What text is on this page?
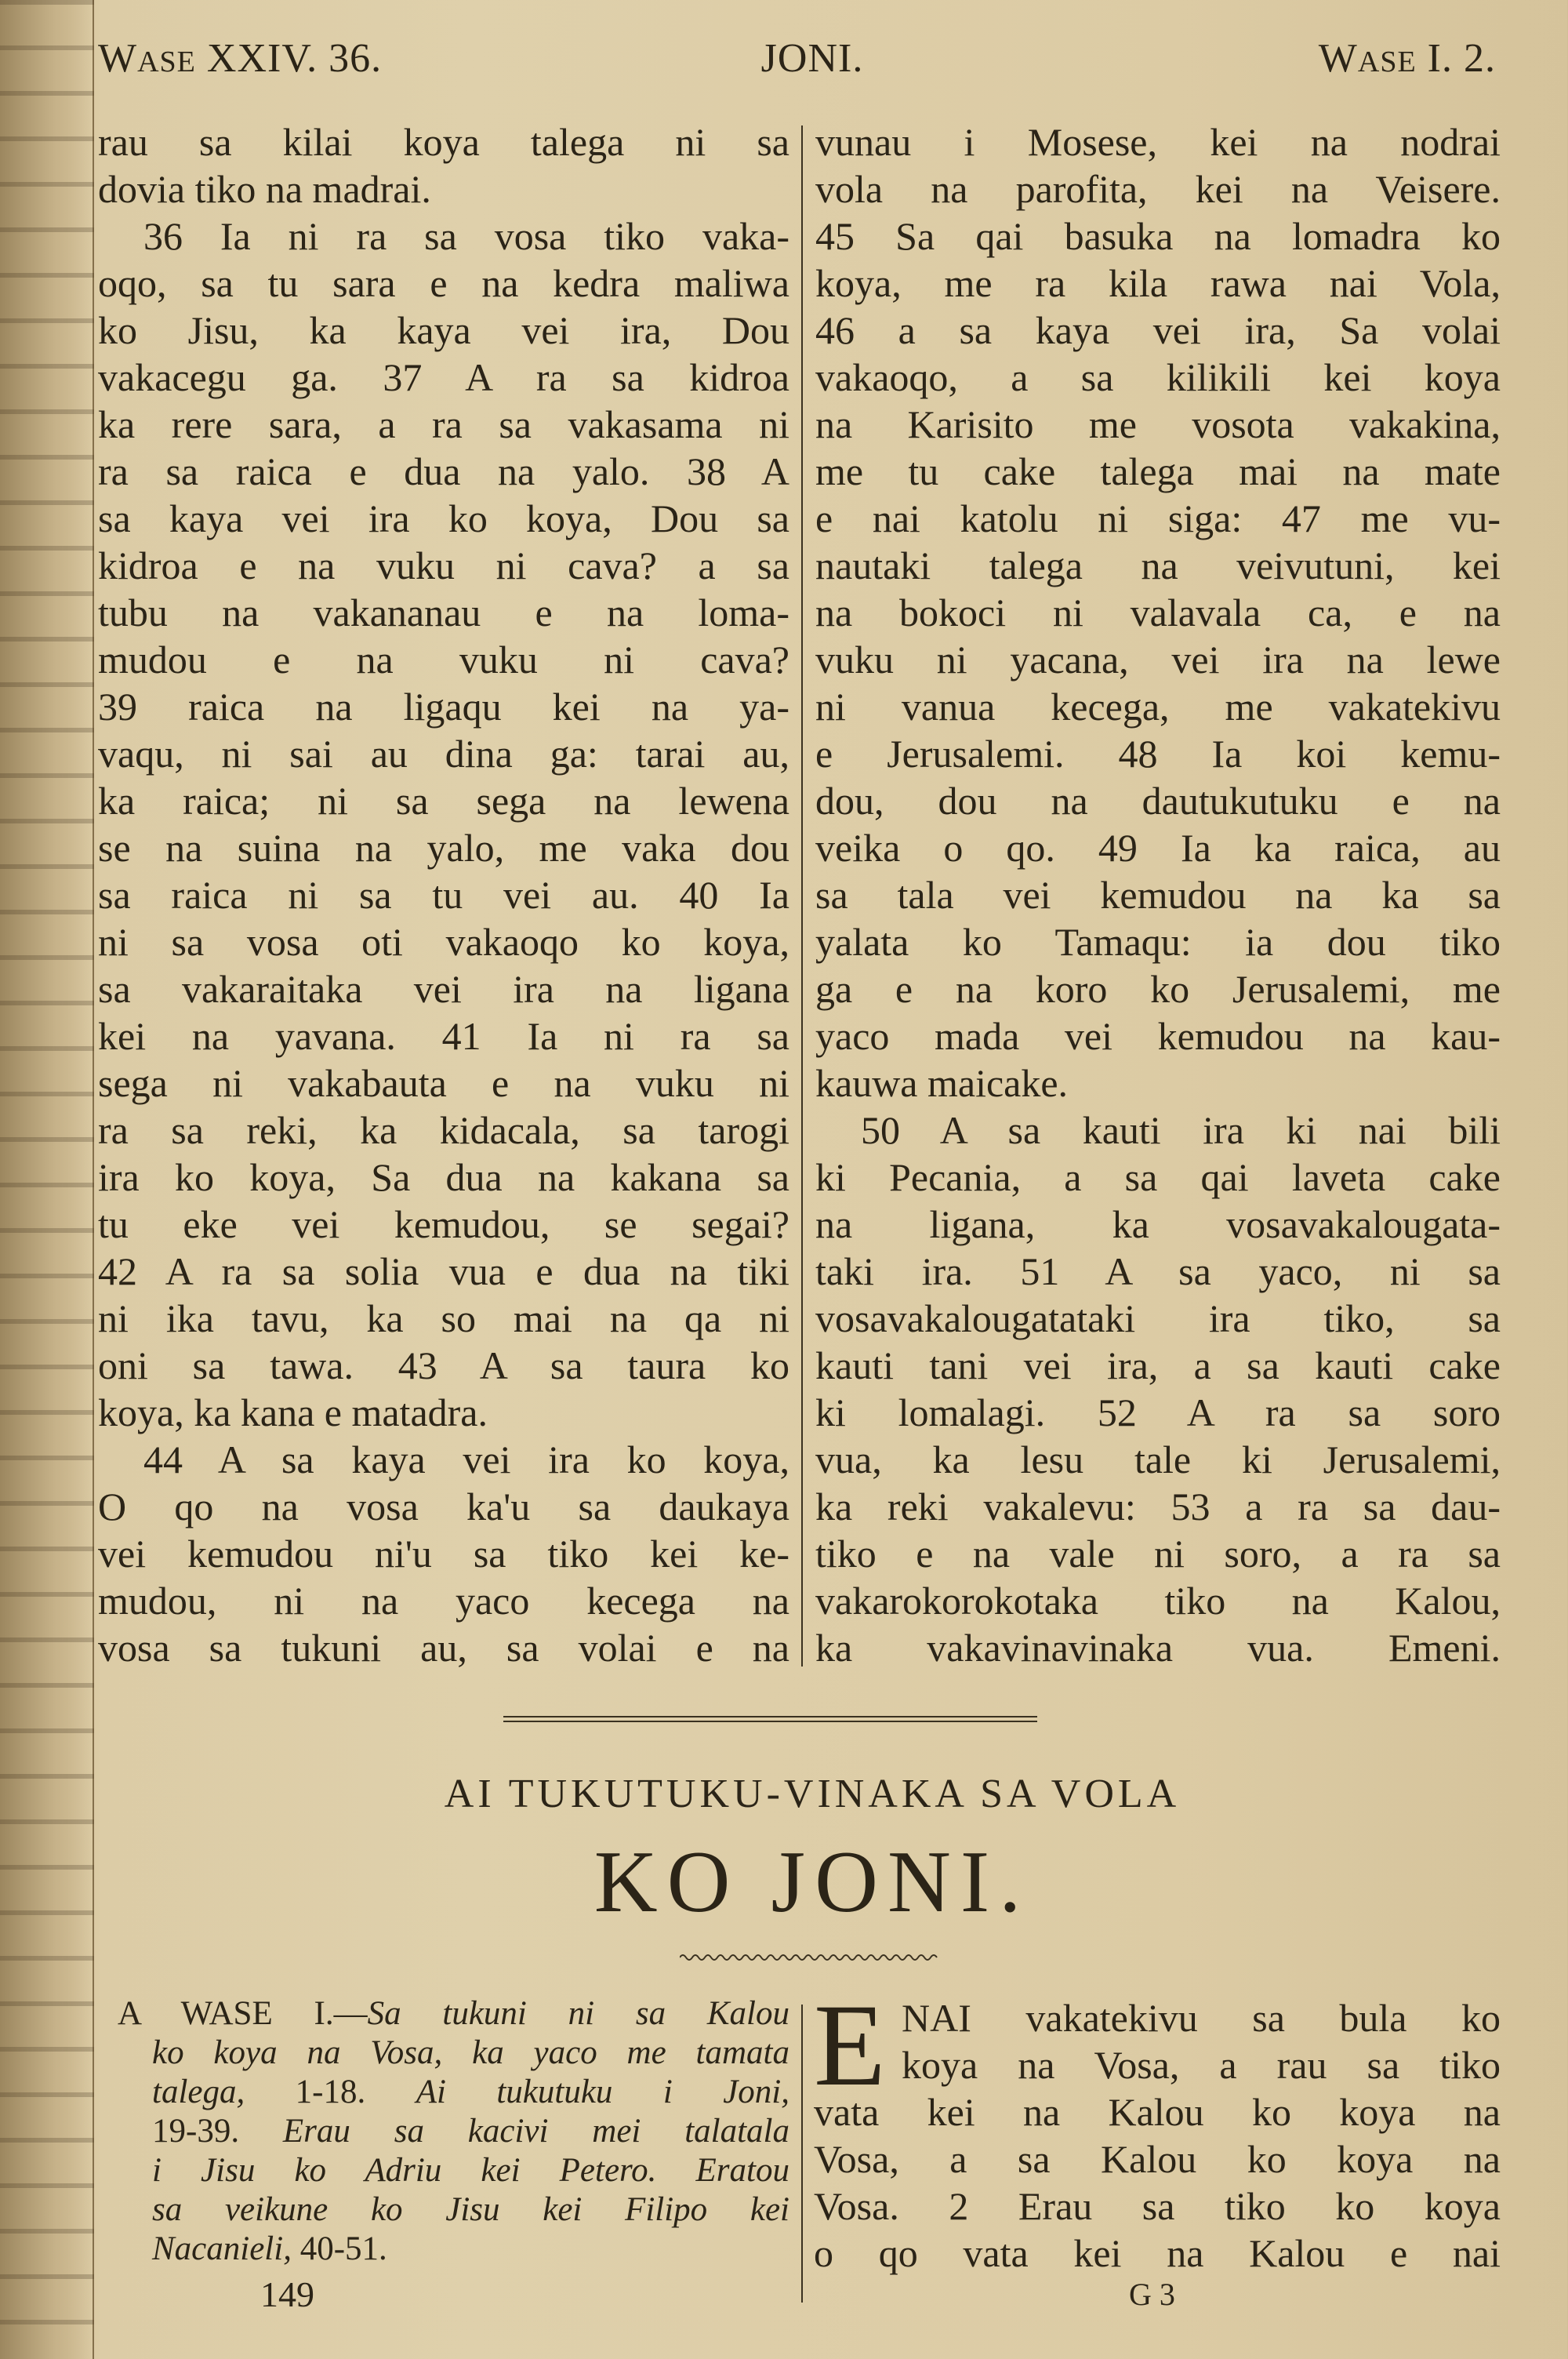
WASE XXIV. 36.	JONI.	WASE I. 2.
rau sa kilai koya talega ni sa
dovia tiko na madrai.
36 Ia ni ra sa vosa tiko vaka-
oqo, sa tu sara e na kedra maliwa
ko Jisu, ka kaya vei ira, Dou
vakacegu ga. 37 A ra sa kidroa
ka rere sara, a ra sa vakasama ni
ra sa raica e dua na yalo. 38 A
sa kaya vei ira ko koya, Dou sa
kidroa e na vuku ni cava? a sa
tubu na vakananau e na loma-
mudou e na vuku ni cava?
39 raica na ligaqu kei na ya-
vaqu, ni sai au dina ga: tarai au,
ka raica; ni sa sega na lewena
se na suina na yalo, me vaka dou
sa raica ni sa tu vei au. 40 Ia
ni sa vosa oti vakaoqo ko koya,
sa vakaraitaka vei ira na ligana
kei na yavana. 41 Ia ni ra sa
sega ni vakabauta e na vuku ni
ra sa reki, ka kidacala, sa tarogi
ira ko koya, Sa dua na kakana sa
tu eke vei kemudou, se segai?
42 A ra sa solia vua e dua na tiki
ni ika tavu, ka so mai na qa ni
oni sa tawa. 43 A sa taura ko
koya, ka kana e matadra.
44 A sa kaya vei ira ko koya,
O qo na vosa ka'u sa daukaya
vei kemudou ni'u sa tiko kei ke-
mudou, ni na yaco kecega na
vosa sa tukuni au, sa volai e na
vunau i Mosese, kei na nodrai
vola na parofita, kei na Veisere.
45 Sa qai basuka na lomadra ko
koya, me ra kila rawa nai Vola,
46 a sa kaya vei ira, Sa volai
vakaoqo, a sa kilikili kei koya
na Karisito me vosota vakakina,
me tu cake talega mai na mate
e nai katolu ni siga: 47 me vu-
nautaki talega na veivutuni, kei
na bokoci ni valavala ca, e na
vuku ni yacana, vei ira na lewe
ni vanua kecega, me vakatekivu
e Jerusalemi. 48 Ia koi kemu-
dou, dou na dautukutuku e na
veika o qo. 49 Ia ka raica, au
sa tala vei kemudou na ka sa
yalata ko Tamaqu: ia dou tiko
ga e na koro ko Jerusalemi, me
yaco mada vei kemudou na kau-
kauwa maicake.
50 A sa kauti ira ki nai bili
ki Pecania, a sa qai laveta cake
na ligana, ka vosavakalougata-
taki ira. 51 A sa yaco, ni sa
vosavakalougatataki ira tiko, sa
kauti tani vei ira, a sa kauti cake
ki lomalagi. 52 A ra sa soro
vua, ka lesu tale ki Jerusalemi,
ka reki vakalevu: 53 a ra sa dau-
tiko e na vale ni soro, a ra sa
vakarokorokotaka tiko na Kalou,
ka vakavinavinaka vua. Emeni.
AI TUKUTUKU-VINAKA SA VOLA
KO JONI.
A WASE I.—Sa tukuni ni sa Kalou
ko koya na Vosa, ka yaco me tamata
talega, 1-18. Ai tukutuku i Joni,
19-39. Erau sa kacivi mei talatala
i Jisu ko Adriu kei Petero. Eratou
sa veikune ko Jisu kei Filipo kei
Nacanieli, 40-51.
E NAI vakatekivu sa bula ko
koya na Vosa, a rau sa tiko
vata kei na Kalou ko koya na
Vosa, a sa Kalou ko koya na
Vosa. 2 Erau sa tiko ko koya
o qo vata kei na Kalou e nai
149	G 3
